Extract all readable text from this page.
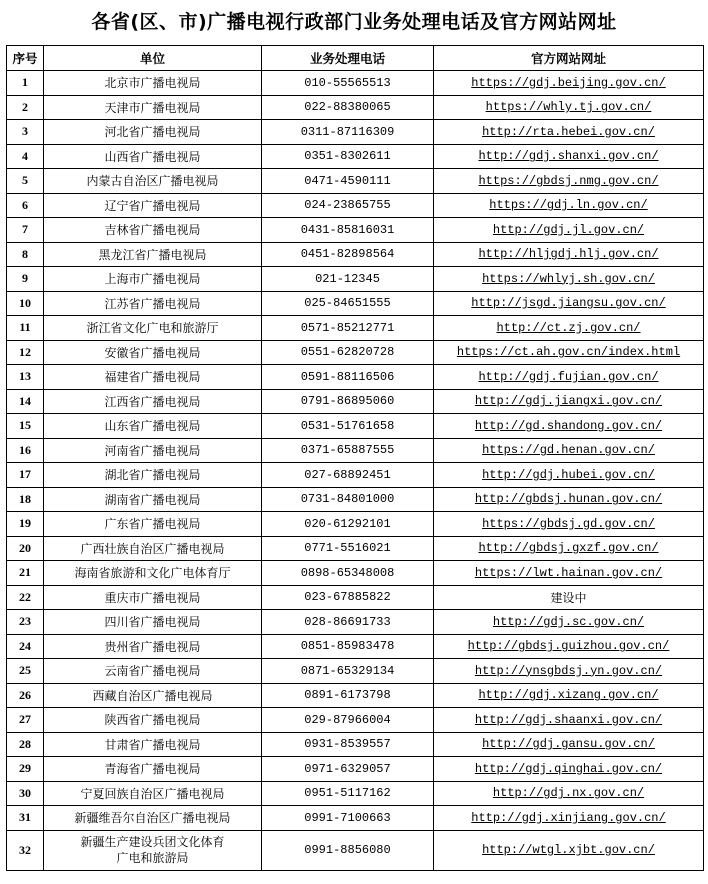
各省(区、市)广播电视行政部门业务处理电话及官方网站网址
序号	单位	业务处理电话	官方网站网址
1	北京市广播电视局	010-55565513	https://gdj.beijing.gov.cn/
2	天津市广播电视局	022-88380065	https://whly.tj.gov.cn/
3	河北省广播电视局	0311-87116309	http://rta.hebei.gov.cn/
4	山西省广播电视局	0351-8302611	http://gdj.shanxi.gov.cn/
5	内蒙古自治区广播电视局	0471-4590111	https://gbdsj.nmg.gov.cn/
6	辽宁省广播电视局	024-23865755	https://gdj.ln.gov.cn/
7	吉林省广播电视局	0431-85816031	http://gdj.jl.gov.cn/
8	黑龙江省广播电视局	0451-82898564	http://hljgdj.hlj.gov.cn/
9	上海市广播电视局	021-12345	https://whlyj.sh.gov.cn/
10	江苏省广播电视局	025-84651555	http://jsgd.jiangsu.gov.cn/
11	浙江省文化广电和旅游厅	0571-85212771	http://ct.zj.gov.cn/
12	安徽省广播电视局	0551-62820728	https://ct.ah.gov.cn/index.html
13	福建省广播电视局	0591-88116506	http://gdj.fujian.gov.cn/
14	江西省广播电视局	0791-86895060	http://gdj.jiangxi.gov.cn/
15	山东省广播电视局	0531-51761658	http://gd.shandong.gov.cn/
16	河南省广播电视局	0371-65887555	https://gd.henan.gov.cn/
17	湖北省广播电视局	027-68892451	http://gdj.hubei.gov.cn/
18	湖南省广播电视局	0731-84801000	http://gbdsj.hunan.gov.cn/
19	广东省广播电视局	020-61292101	https://gbdsj.gd.gov.cn/
20	广西壮族自治区广播电视局	0771-5516021	http://gbdsj.gxzf.gov.cn/
21	海南省旅游和文化广电体育厅	0898-65348008	https://lwt.hainan.gov.cn/
22	重庆市广播电视局	023-67885822	建设中
23	四川省广播电视局	028-86691733	http://gdj.sc.gov.cn/
24	贵州省广播电视局	0851-85983478	http://gbdsj.guizhou.gov.cn/
25	云南省广播电视局	0871-65329134	http://ynsgbdsj.yn.gov.cn/
26	西藏自治区广播电视局	0891-6173798	http://gdj.xizang.gov.cn/
27	陕西省广播电视局	029-87966004	http://gdj.shaanxi.gov.cn/
28	甘肃省广播电视局	0931-8539557	http://gdj.gansu.gov.cn/
29	青海省广播电视局	0971-6329057	http://gdj.qinghai.gov.cn/
30	宁夏回族自治区广播电视局	0951-5117162	http://gdj.nx.gov.cn/
31	新疆维吾尔自治区广播电视局	0991-7100663	http://gdj.xinjiang.gov.cn/
32	新疆生产建设兵团文化体育
广电和旅游局	0991-8856080	http://wtgl.xjbt.gov.cn/
